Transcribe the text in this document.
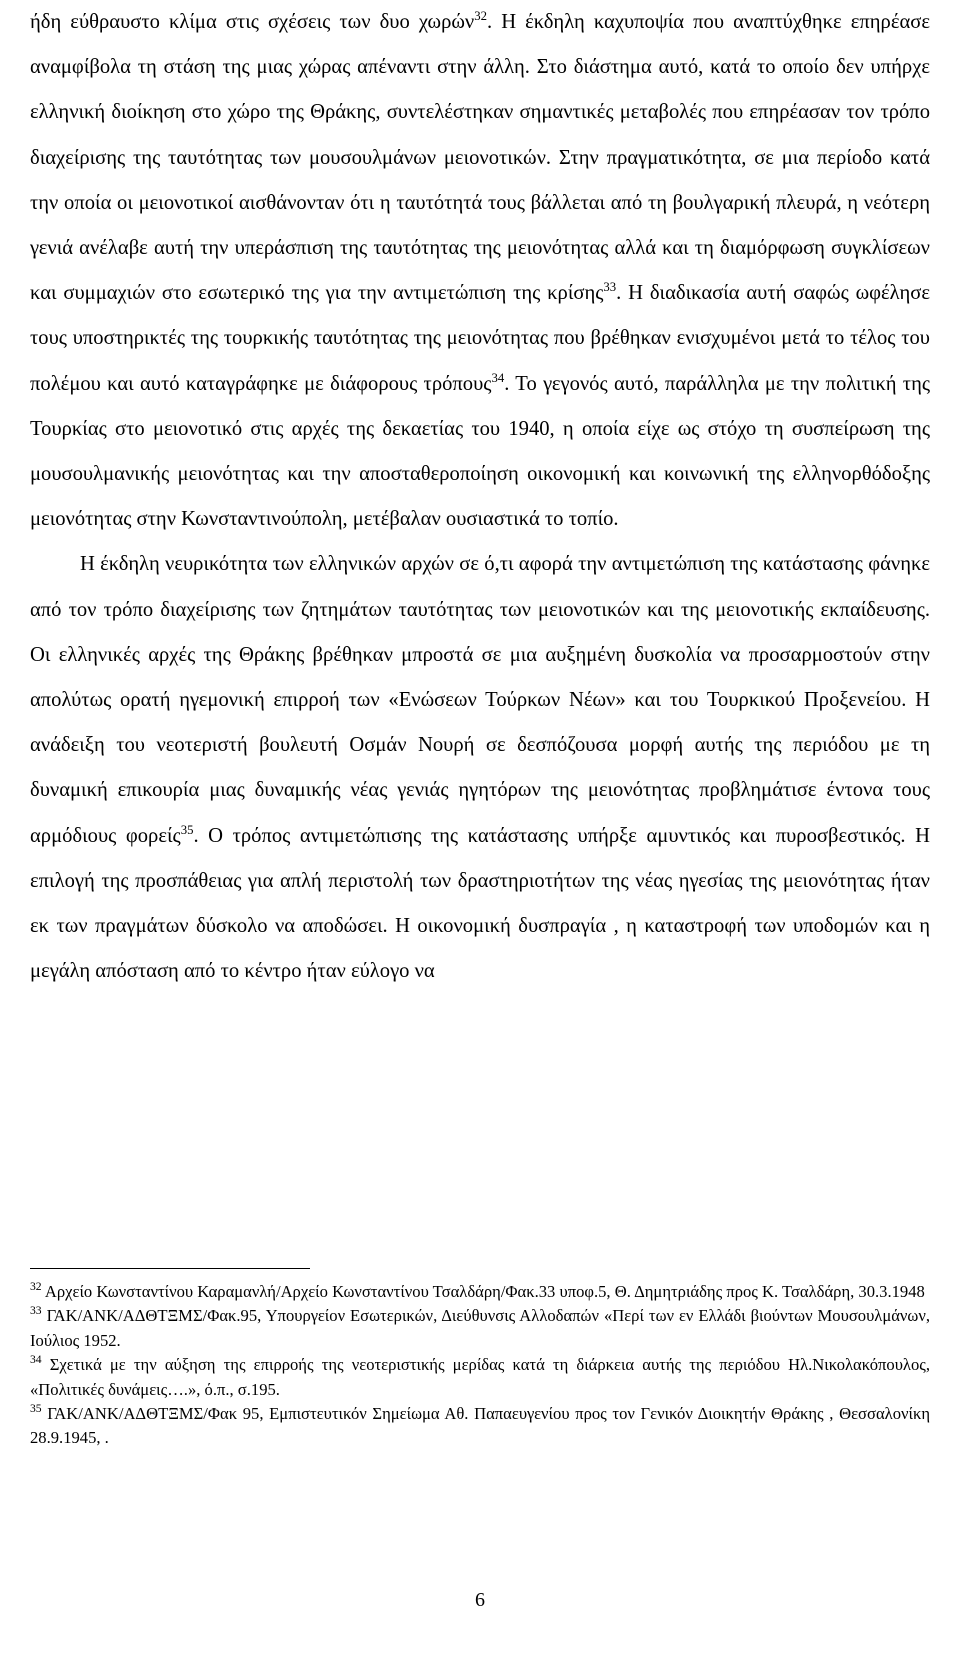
ήδη εύθραυστο κλίμα στις σχέσεις των δυο χωρών$^{32}$. Η έκδηλη καχυποψία που αναπτύχθηκε επηρέασε αναμφίβολα τη στάση της μιας χώρας απέναντι στην άλλη. Στο διάστημα αυτό, κατά το οποίο δεν υπήρχε ελληνική διοίκηση στο χώρο της Θράκης, συντελέστηκαν σημαντικές μεταβολές που επηρέασαν τον τρόπο διαχείρισης της ταυτότητας των μουσουλμάνων μειονοτικών. Στην πραγματικότητα, σε μια περίοδο κατά την οποία οι μειονοτικοί αισθάνονταν ότι η ταυτότητά τους βάλλεται από τη βουλγαρική πλευρά, η νεότερη γενιά ανέλαβε αυτή την υπεράσπιση της ταυτότητας της μειονότητας αλλά και τη διαμόρφωση συγκλίσεων και συμμαχιών στο εσωτερικό της για την αντιμετώπιση της κρίσης$^{33}$. Η διαδικασία αυτή σαφώς ωφέλησε τους υποστηρικτές της τουρκικής ταυτότητας της μειονότητας που βρέθηκαν ενισχυμένοι μετά το τέλος του πολέμου και αυτό καταγράφηκε με διάφορους τρόπους$^{34}$. Το γεγονός αυτό, παράλληλα με την πολιτική της Τουρκίας στο μειονοτικό στις αρχές της δεκαετίας του 1940, η οποία είχε ως στόχο τη συσπείρωση της μουσουλμανικής μειονότητας και την αποσταθεροποίηση οικονομική και κοινωνική της ελληνορθόδοξης μειονότητας στην Κωνσταντινούπολη, μετέβαλαν ουσιαστικά το τοπίο.

Η έκδηλη νευρικότητα των ελληνικών αρχών σε ό,τι αφορά την αντιμετώπιση της κατάστασης φάνηκε από τον τρόπο διαχείρισης των ζητημάτων ταυτότητας των μειονοτικών και της μειονοτικής εκπαίδευσης. Οι ελληνικές αρχές της Θράκης βρέθηκαν μπροστά σε μια αυξημένη δυσκολία να προσαρμοστούν στην απολύτως ορατή ηγεμονική επιρροή των «Ενώσεων Τούρκων Νέων» και του Τουρκικού Προξενείου. Η ανάδειξη του νεοτεριστή βουλευτή Οσμάν Νουρή σε δεσπόζουσα μορφή αυτής της περιόδου με τη δυναμική επικουρία μιας δυναμικής νέας γενιάς ηγητόρων της μειονότητας προβλημάτισε έντονα τους αρμόδιους φορείς$^{35}$. Ο τρόπος αντιμετώπισης της κατάστασης υπήρξε αμυντικός και πυροσβεστικός. Η επιλογή της προσπάθειας για απλή περιστολή των δραστηριοτήτων της νέας ηγεσίας της μειονότητας ήταν εκ των πραγμάτων δύσκολο να αποδώσει. Η οικονομική δυσπραγία , η καταστροφή των υποδομών και η μεγάλη απόσταση από το κέντρο ήταν εύλογο να

$^{32}$ Αρχείο Κωνσταντίνου Καραμανλή/Αρχείο Κωνσταντίνου Τσαλδάρη/Φακ.33 υποφ.5, Θ. Δημητριάδης προς Κ. Τσαλδάρη, 30.3.1948

$^{33}$ ΓΑΚ/ΑΝΚ/ΑΔΘΤΞΜΣ/Φακ.95, Υπουργείον Εσωτερικών, Διεύθυνσις Αλλοδαπών «Περί των εν Ελλάδι βιούντων Μουσουλμάνων, Ιούλιος 1952.

$^{34}$ Σχετικά με την αύξηση της επιρροής της νεοτεριστικής μερίδας κατά τη διάρκεια αυτής της περιόδου Ηλ.Νικολακόπουλος, «Πολιτικές δυνάμεις….», ό.π., σ.195.

$^{35}$ ΓΑΚ/ΑΝΚ/ΑΔΘΤΞΜΣ/Φακ 95, Εμπιστευτικόν Σημείωμα Αθ. Παπαευγενίου προς τον Γενικόν Διοικητήν Θράκης , Θεσσαλονίκη 28.9.1945, .

6
